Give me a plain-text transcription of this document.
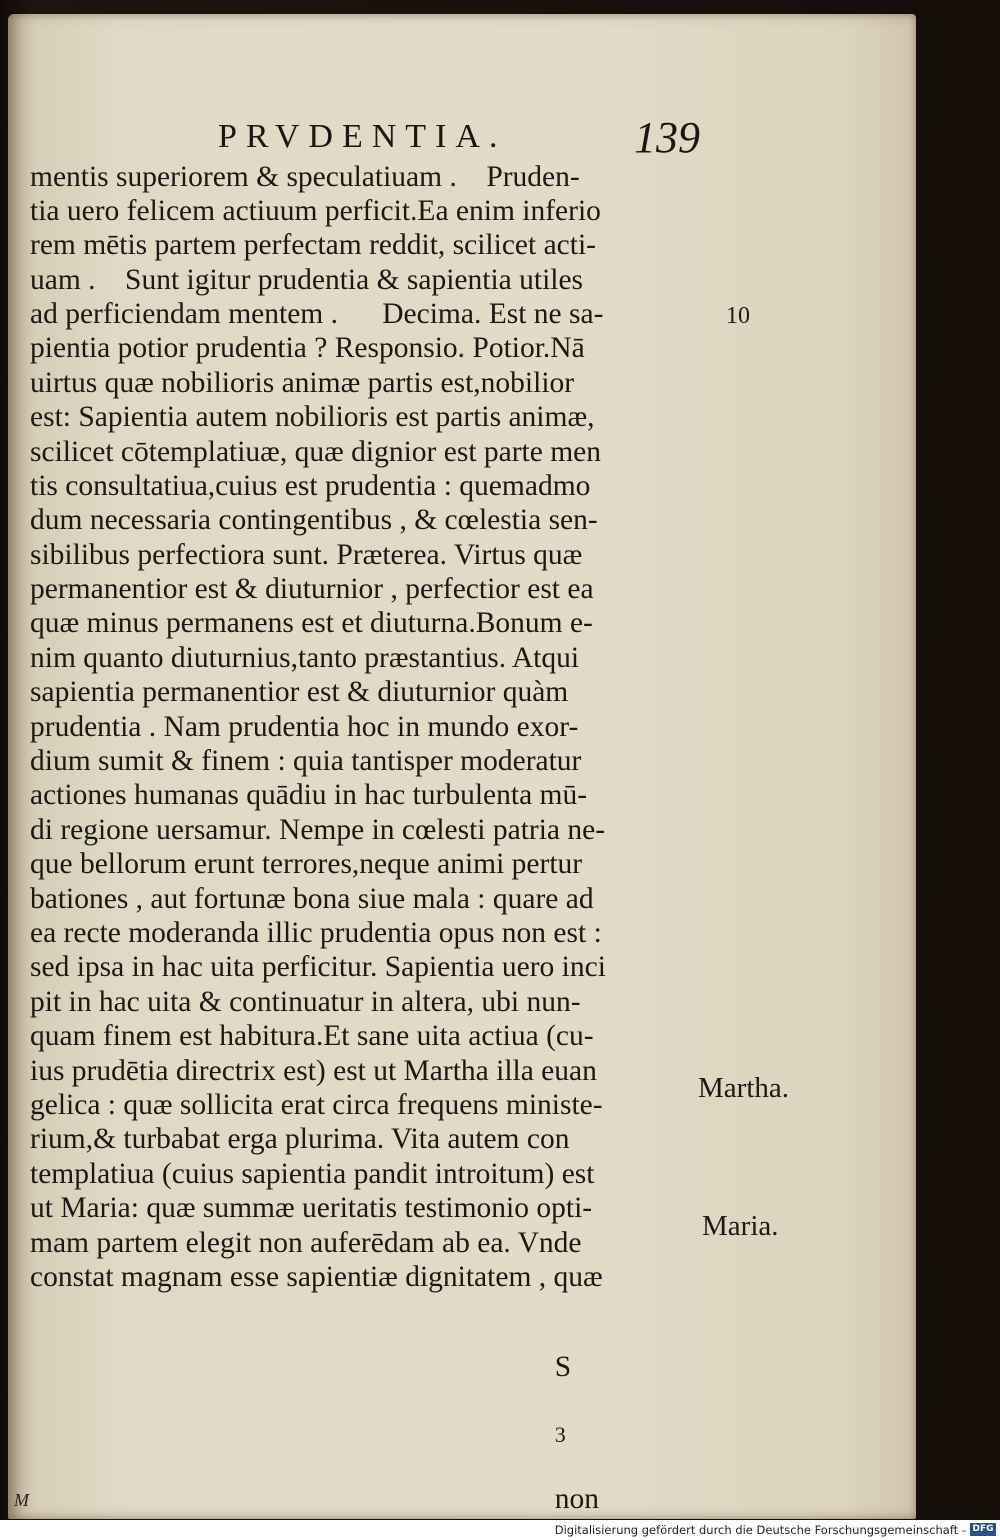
PRVDENTIA.	139
mentis superiorem & speculatiuam .    Pruden-
tia uero felicem actiuum perficit.Ea enim inferio
rem mētis partem perfectam reddit, scilicet acti-
uam .    Sunt igitur prudentia & sapientia utiles
ad perficiendam mentem .      Decima. Est ne sa-
pientia potior prudentia ? Responsio. Potior.Nā
uirtus quæ nobilioris animæ partis est,nobilior
est: Sapientia autem nobilioris est partis animæ,
scilicet cōtemplatiuæ, quæ dignior est parte men
tis consultatiua,cuius est prudentia : quemadmo
dum necessaria contingentibus , & cœlestia sen-
sibilibus perfectiora sunt. Præterea. Virtus quæ
permanentior est & diuturnior , perfectior est ea
quæ minus permanens est et diuturna.Bonum e-
nim quanto diuturnius,tanto præstantius. Atqui
sapientia permanentior est & diuturnior quàm
prudentia . Nam prudentia hoc in mundo exor-
dium sumit & finem : quia tantisper moderatur
actiones humanas quādiu in hac turbulenta mū-
di regione uersamur. Nempe in cœlesti patria ne-
que bellorum erunt terrores,neque animi pertur
bationes , aut fortunæ bona siue mala : quare ad
ea recte moderanda illic prudentia opus non est :
sed ipsa in hac uita perficitur. Sapientia uero inci
pit in hac uita & continuatur in altera, ubi nun-
quam finem est habitura.Et sane uita actiua (cu-
ius prudētia directrix est) est ut Martha illa euan
gelica : quæ sollicita erat circa frequens ministe-
rium,& turbabat erga plurima. Vita autem con
templatiua (cuius sapientia pandit introitum) est
ut Maria: quæ summæ ueritatis testimonio opti-
mam partem elegit non auferēdam ab ea. Vnde
constat magnam esse sapientiæ dignitatem , quæ
10
Martha.
Maria.

S

3

non

M
Digitalisierung gefördert durch die Deutsche Forschungsgemeinschaft - DFG
